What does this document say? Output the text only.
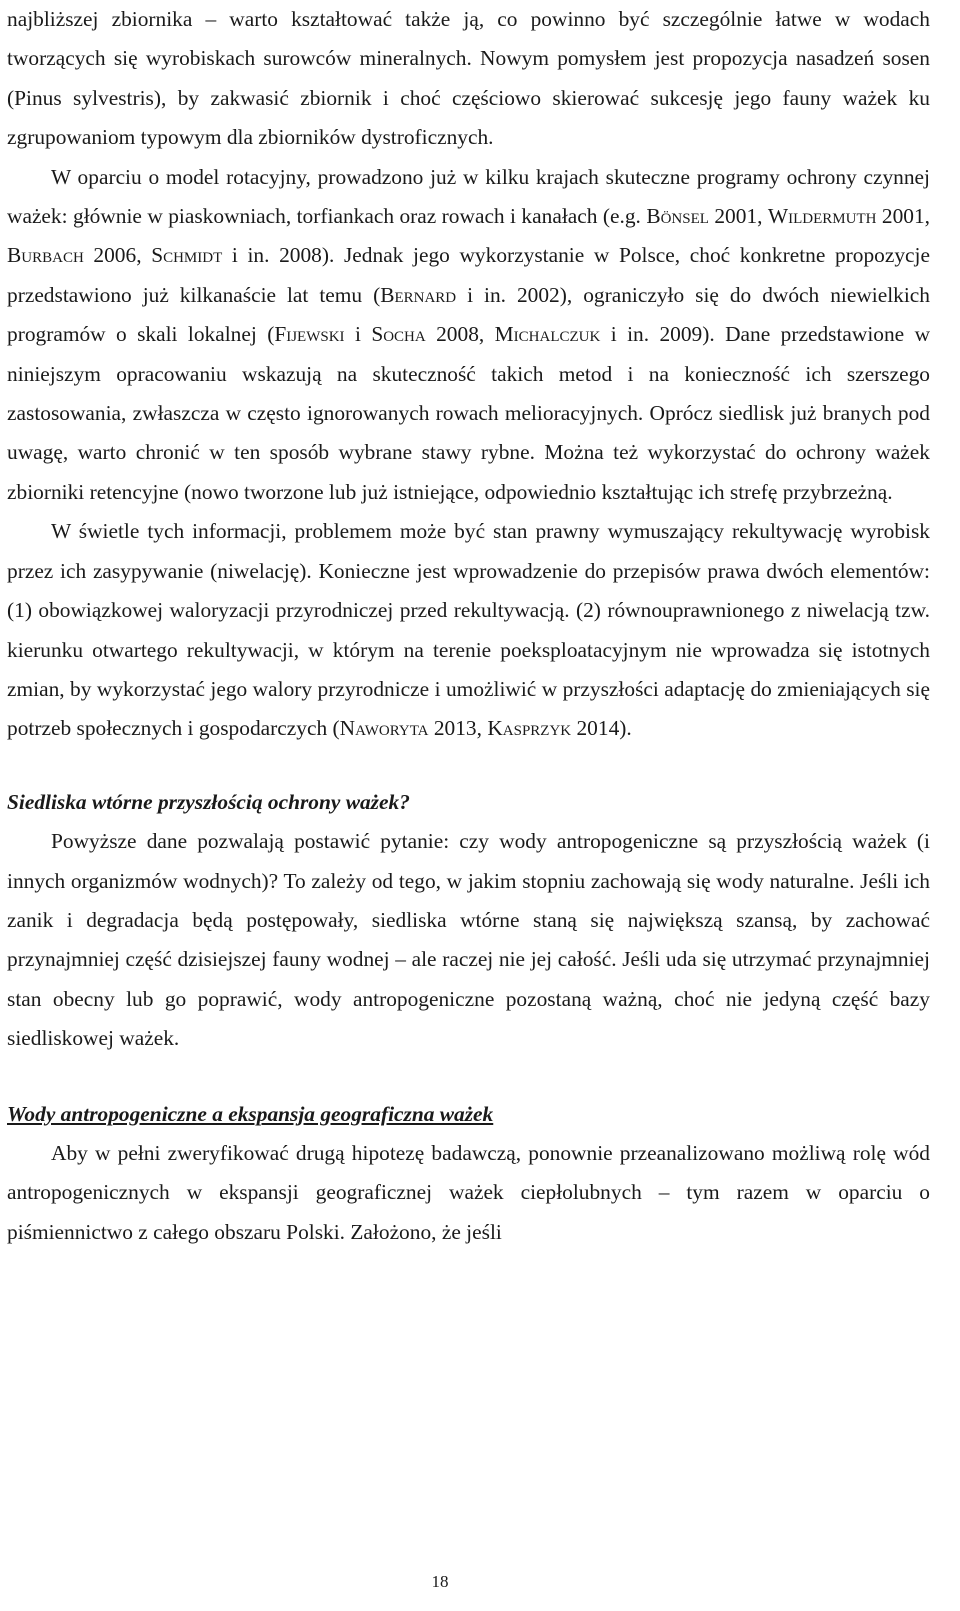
najbliższej zbiornika – warto kształtować także ją, co powinno być szczególnie łatwe w wodach tworzących się wyrobiskach surowców mineralnych. Nowym pomysłem jest propozycja nasadzeń sosen (Pinus sylvestris), by zakwasić zbiornik i choć częściowo skierować sukcesję jego fauny ważek ku zgrupowaniom typowym dla zbiorników dystroficznych.

W oparciu o model rotacyjny, prowadzono już w kilku krajach skuteczne programy ochrony czynnej ważek: głównie w piaskowniach, torfiankach oraz rowach i kanałach (e.g. Bönsel 2001, Wildermuth 2001, Burbach 2006, Schmidt i in. 2008). Jednak jego wykorzystanie w Polsce, choć konkretne propozycje przedstawiono już kilkanaście lat temu (Bernard i in. 2002), ograniczyło się do dwóch niewielkich programów o skali lokalnej (Fijewski i Socha 2008, Michalczuk i in. 2009). Dane przedstawione w niniejszym opracowaniu wskazują na skuteczność takich metod i na konieczność ich szerszego zastosowania, zwłaszcza w często ignorowanych rowach melioracyjnych. Oprócz siedlisk już branych pod uwagę, warto chronić w ten sposób wybrane stawy rybne. Można też wykorzystać do ochrony ważek zbiorniki retencyjne (nowo tworzone lub już istniejące, odpowiednio kształtując ich strefę przybrzeżną.

W świetle tych informacji, problemem może być stan prawny wymuszający rekultywację wyrobisk przez ich zasypywanie (niwelację). Konieczne jest wprowadzenie do przepisów prawa dwóch elementów: (1) obowiązkowej waloryzacji przyrodniczej przed rekultywacją. (2) równouprawnionego z niwelacją tzw. kierunku otwartego rekultywacji, w którym na terenie poeksploatacyjnym nie wprowadza się istotnych zmian, by wykorzystać jego walory przyrodnicze i umożliwić w przyszłości adaptację do zmieniających się potrzeb społecznych i gospodarczych (Naworyta 2013, Kasprzyk 2014).

Siedliska wtórne przyszłością ochrony ważek?

Powyższe dane pozwalają postawić pytanie: czy wody antropogeniczne są przyszłością ważek (i innych organizmów wodnych)? To zależy od tego, w jakim stopniu zachowają się wody naturalne. Jeśli ich zanik i degradacja będą postępowały, siedliska wtórne staną się największą szansą, by zachować przynajmniej część dzisiejszej fauny wodnej – ale raczej nie jej całość. Jeśli uda się utrzymać przynajmniej stan obecny lub go poprawić, wody antropogeniczne pozostaną ważną, choć nie jedyną część bazy siedliskowej ważek.

Wody antropogeniczne a ekspansja geograficzna ważek

Aby w pełni zweryfikować drugą hipotezę badawczą, ponownie przeanalizowano możliwą rolę wód antropogenicznych w ekspansji geograficznej ważek ciepłolubnych – tym razem w oparciu o piśmiennictwo z całego obszaru Polski. Założono, że jeśli

18
